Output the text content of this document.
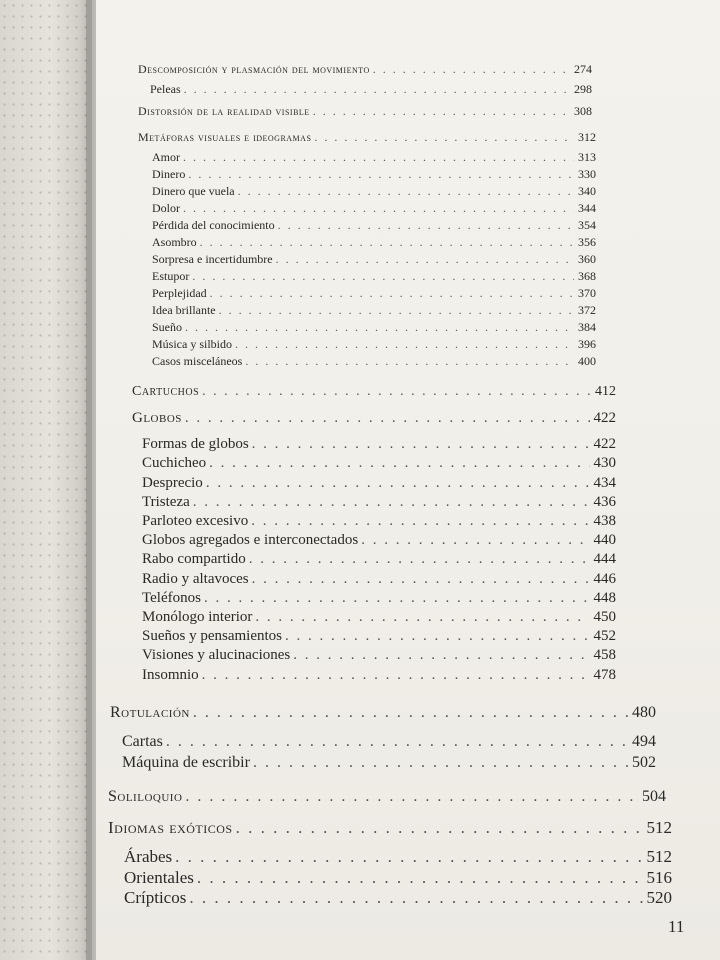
Descomposición y plasmación del movimiento . . .	274
Peleas . . .	298
Distorsión de la realidad visible . . .	308
Metáforas visuales e ideogramas . . .	312
Amor . . .	313
Dinero . . .	330
Dinero que vuela . . .	340
Dolor . . .	344
Pérdida del conocimiento . . .	354
Asombro . . .	356
Sorpresa e incertidumbre . . .	360
Estupor . . .	368
Perplejidad . . .	370
Idea brillante . . .	372
Sueño . . .	384
Música y silbido . . .	396
Casos misceláneos . . .	400
Cartuchos . . .	412
Globos . . .	422
Formas de globos . . .	422
Cuchicheo . . .	430
Desprecio . . .	434
Tristeza . . .	436
Parloteo excesivo . . .	438
Globos agregados e interconectados . . .	440
Rabo compartido . . .	444
Radio y altavoces . . .	446
Teléfonos . . .	448
Monólogo interior . . .	450
Sueños y pensamientos . . .	452
Visiones y alucinaciones . . .	458
Insomnio . . .	478
Rotulación . . .	480
Cartas . . .	494
Máquina de escribir . . .	502
Soliloquio . . .	504
Idiomas exóticos . . .	512
Árabes . . .	512
Orientales . . .	516
Crípticos . . .	520
11
